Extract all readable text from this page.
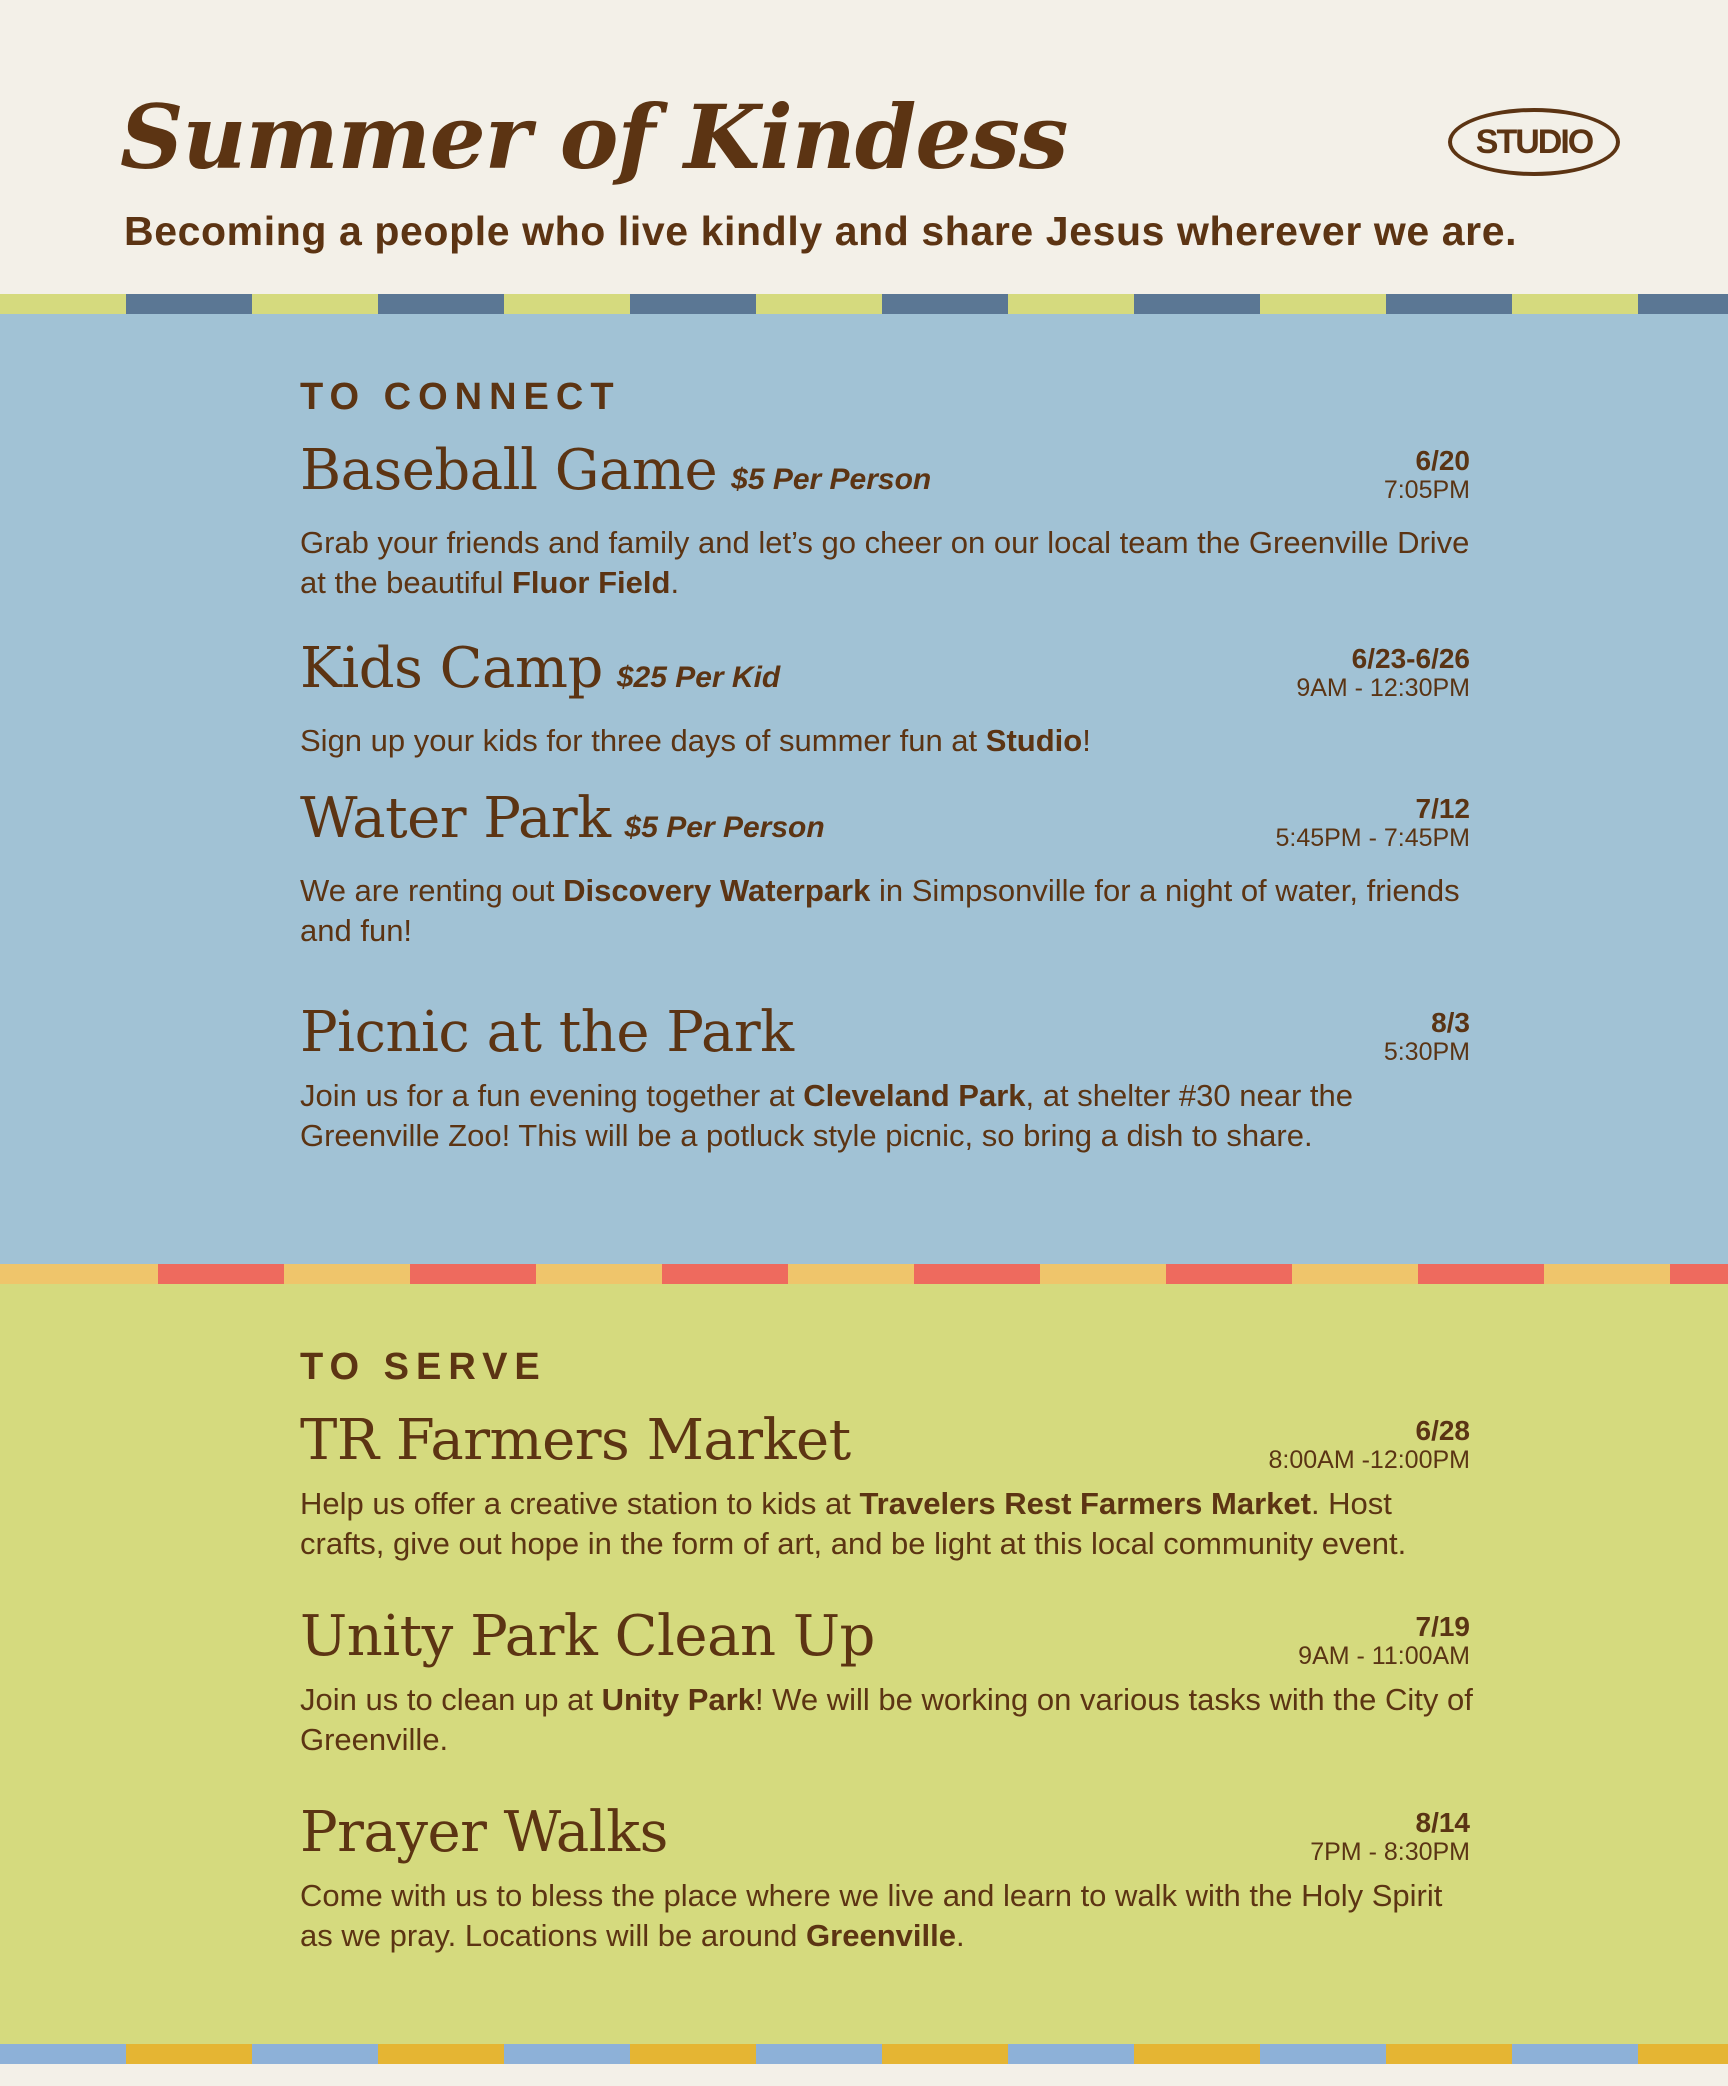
Summer of Kindess	STUDIO
Becoming a people who live kindly and share Jesus wherever we are.
TO CONNECT
Baseball Game $5 Per Person
6/20
7:05PM
Grab your friends and family and let’s go cheer on our local team the Greenville Drive at the beautiful Fluor Field.
Kids Camp $25 Per Kid
6/23-6/26
9AM - 12:30PM
Sign up your kids for three days of summer fun at Studio!
Water Park $5 Per Person
7/12
5:45PM - 7:45PM
We are renting out Discovery Waterpark in Simpsonville for a night of water, friends and fun!
Picnic at the Park	8/3
5:30PM
Join us for a fun evening together at Cleveland Park, at shelter #30 near the Greenville Zoo! This will be a potluck style picnic, so bring a dish to share.
TO SERVE
TR Farmers Market	6/28
8:00AM -12:00PM
Help us offer a creative station to kids at Travelers Rest Farmers Market. Host crafts, give out hope in the form of art, and be light at this local community event.
Unity Park Clean Up	7/19
9AM - 11:00AM
Join us to clean up at Unity Park! We will be working on various tasks with the City of Greenville.
Prayer Walks	8/14
7PM - 8:30PM
Come with us to bless the place where we live and learn to walk with the Holy Spirit as we pray. Locations will be around Greenville.
